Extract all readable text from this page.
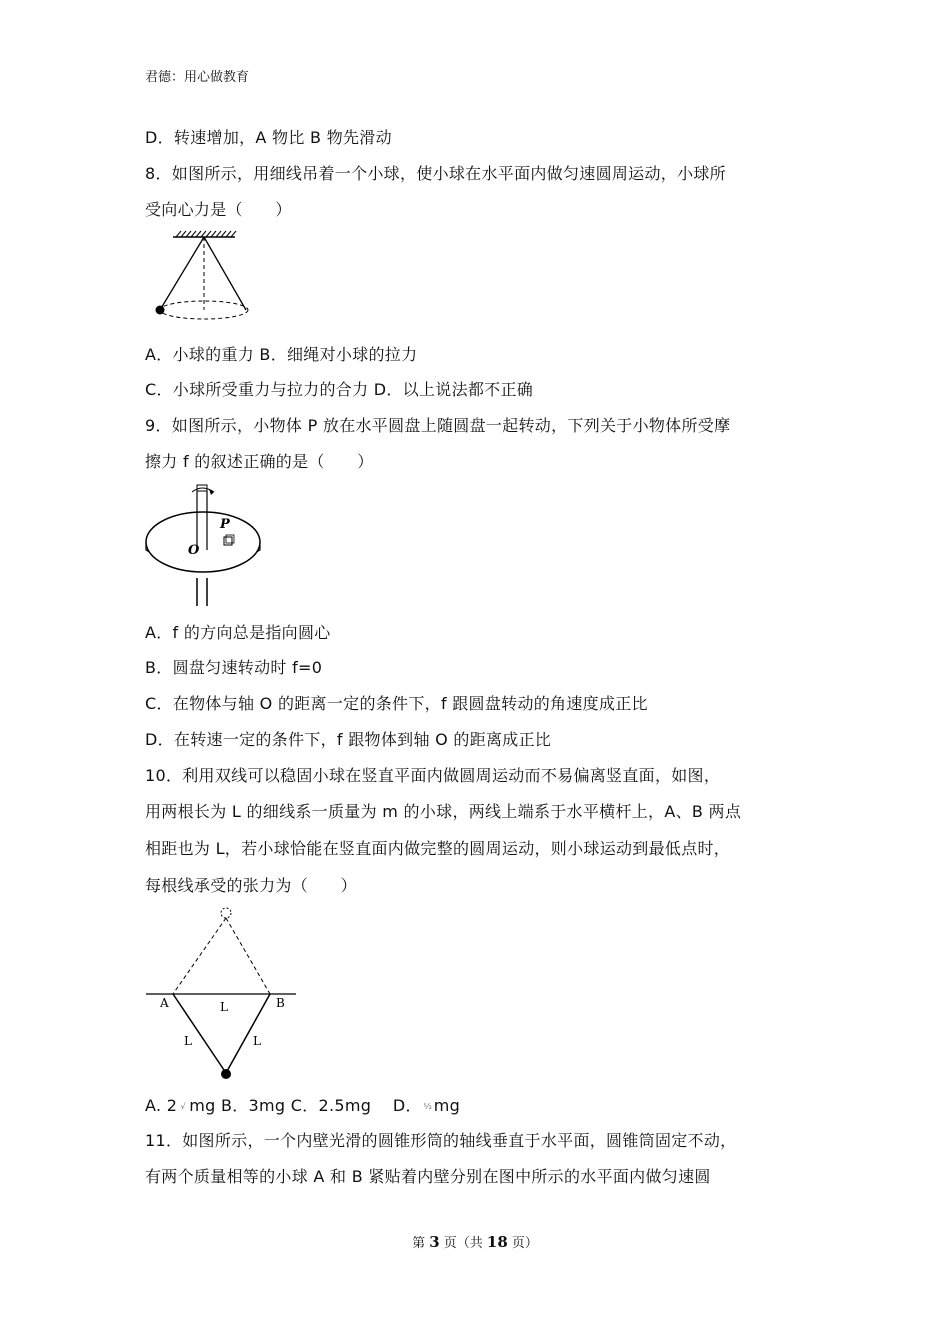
君德：用心做教育
D．转速增加，A 物比 B 物先滑动
8．如图所示，用细线吊着一个小球，使小球在水平面内做匀速圆周运动，小球所
受向心力是（　　）
A．小球的重力 B．细绳对小球的拉力
C．小球所受重力与拉力的合力 D．以上说法都不正确
9．如图所示，小物体 P 放在水平圆盘上随圆盘一起转动，下列关于小物体所受摩
擦力 f 的叙述正确的是（　　）
P
O
A．f 的方向总是指向圆心
B．圆盘匀速转动时 f=0
C．在物体与轴 O 的距离一定的条件下，f 跟圆盘转动的角速度成正比
D．在转速一定的条件下，f 跟物体到轴 O 的距离成正比
10．利用双线可以稳固小球在竖直平面内做圆周运动而不易偏离竖直面，如图，
用两根长为 L 的细线系一质量为 m 的小球，两线上端系于水平横杆上，A、B 两点
相距也为 L，若小球恰能在竖直面内做完整的圆周运动，则小球运动到最低点时，
每根线承受的张力为（　　）
A	B
L
L	L
A. 2 √ mg B．3mg C．2.5mg　 D． ⁵⁄₂ mg
11．如图所示，一个内壁光滑的圆锥形筒的轴线垂直于水平面，圆锥筒固定不动，
有两个质量相等的小球 A 和 B 紧贴着内壁分别在图中所示的水平面内做匀速圆
第 3 页（共 18 页）
